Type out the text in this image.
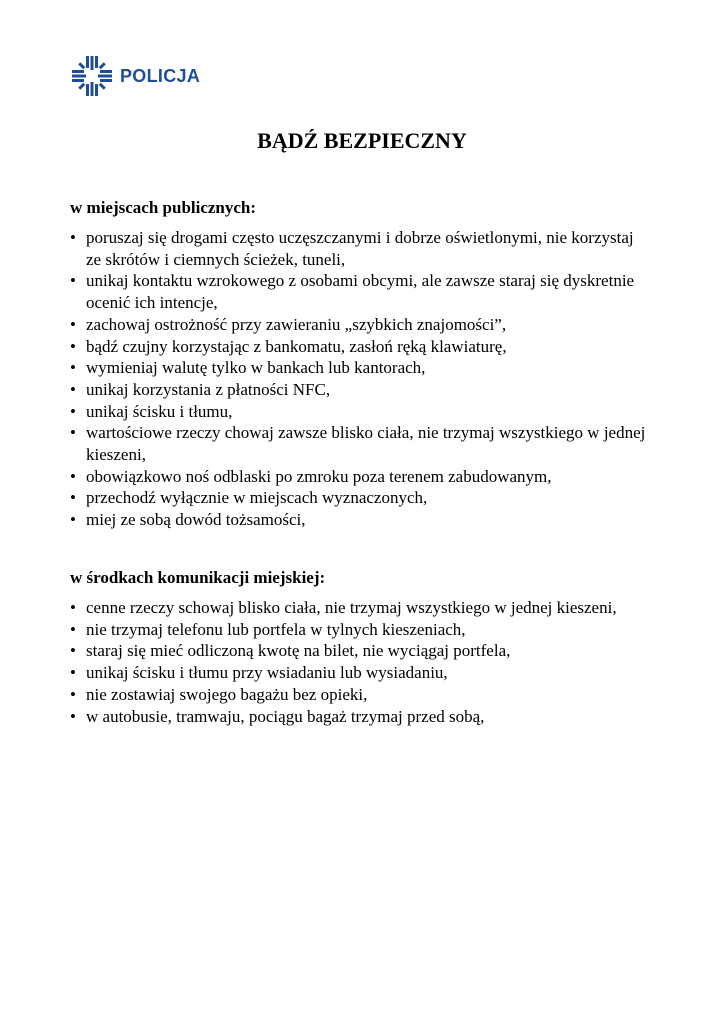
POLICJA
BĄDŹ BEZPIECZNY
w miejscach publicznych:
• poruszaj się drogami często uczęszczanymi i dobrze oświetlonymi, nie korzystaj ze skrótów i ciemnych ścieżek, tuneli,
• unikaj kontaktu wzrokowego z osobami obcymi, ale zawsze staraj się dyskretnie ocenić ich intencje,
• zachowaj ostrożność przy zawieraniu „szybkich znajomości”,
• bądź czujny korzystając z bankomatu, zasłoń ręką klawiaturę,
• wymieniaj walutę tylko w bankach lub kantorach,
• unikaj korzystania z płatności NFC,
• unikaj ścisku i tłumu,
• wartościowe rzeczy chowaj zawsze blisko ciała, nie trzymaj wszystkiego w jednej kieszeni,
• obowiązkowo noś odblaski po zmroku poza terenem zabudowanym,
• przechodź wyłącznie w miejscach wyznaczonych,
• miej ze sobą dowód tożsamości,
w środkach komunikacji miejskiej:
• cenne rzeczy schowaj blisko ciała, nie trzymaj wszystkiego w jednej kieszeni,
• nie trzymaj telefonu lub portfela w tylnych kieszeniach,
• staraj się mieć odliczoną kwotę na bilet, nie wyciągaj portfela,
• unikaj ścisku i tłumu przy wsiadaniu lub wysiadaniu,
• nie zostawiaj swojego bagażu bez opieki,
• w autobusie, tramwaju, pociągu bagaż trzymaj przed sobą,
